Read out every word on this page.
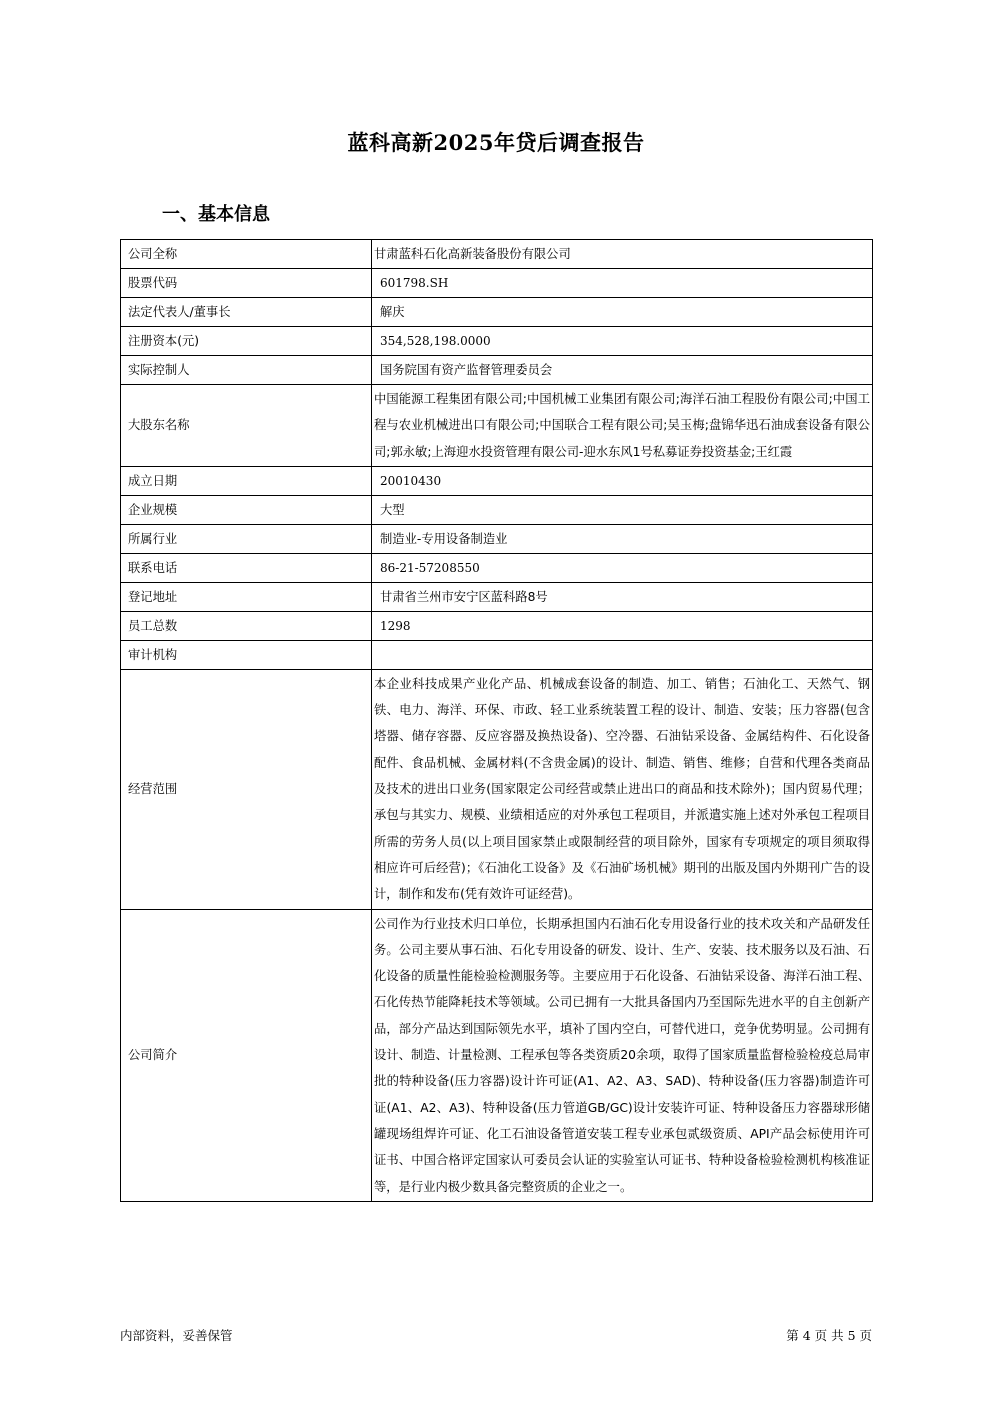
蓝科高新2025年贷后调查报告
一、基本信息
公司全称	甘肃蓝科石化高新装备股份有限公司
股票代码	601798.SH
法定代表人/董事长	解庆
注册资本(元)	354,528,198.0000
实际控制人	国务院国有资产监督管理委员会
大股东名称	中国能源工程集团有限公司;中国机械工业集团有限公司;海洋石油工程股份有限公司;中国工程与农业机械进出口有限公司;中国联合工程有限公司;吴玉梅;盘锦华迅石油成套设备有限公司;郭永敏;上海迎水投资管理有限公司-迎水东风1号私募证券投资基金;王红霞
成立日期	20010430
企业规模	大型
所属行业	制造业-专用设备制造业
联系电话	86-21-57208550
登记地址	甘肃省兰州市安宁区蓝科路8号
员工总数	1298
审计机构	
经营范围	本企业科技成果产业化产品、机械成套设备的制造、加工、销售；石油化工、天然气、钢铁、电力、海洋、环保、市政、轻工业系统装置工程的设计、制造、安装；压力容器(包含塔器、储存容器、反应容器及换热设备)、空冷器、石油钻采设备、金属结构件、石化设备配件、食品机械、金属材料(不含贵金属)的设计、制造、销售、维修；自营和代理各类商品及技术的进出口业务(国家限定公司经营或禁止进出口的商品和技术除外)；国内贸易代理；承包与其实力、规模、业绩相适应的对外承包工程项目，并派遣实施上述对外承包工程项目所需的劳务人员(以上项目国家禁止或限制经营的项目除外，国家有专项规定的项目须取得相应许可后经营)；《石油化工设备》及《石油矿场机械》期刊的出版及国内外期刊广告的设计，制作和发布(凭有效许可证经营)。
公司简介	公司作为行业技术归口单位，长期承担国内石油石化专用设备行业的技术攻关和产品研发任务。公司主要从事石油、石化专用设备的研发、设计、生产、安装、技术服务以及石油、石化设备的质量性能检验检测服务等。主要应用于石化设备、石油钻采设备、海洋石油工程、石化传热节能降耗技术等领域。公司已拥有一大批具备国内乃至国际先进水平的自主创新产品，部分产品达到国际领先水平，填补了国内空白，可替代进口，竞争优势明显。公司拥有设计、制造、计量检测、工程承包等各类资质20余项，取得了国家质量监督检验检疫总局审批的特种设备(压力容器)设计许可证(A1、A2、A3、SAD)、特种设备(压力容器)制造许可证(A1、A2、A3)、特种设备(压力管道GB/GC)设计安装许可证、特种设备压力容器球形储罐现场组焊许可证、化工石油设备管道安装工程专业承包贰级资质、API产品会标使用许可证书、中国合格评定国家认可委员会认证的实验室认可证书、特种设备检验检测机构核准证等，是行业内极少数具备完整资质的企业之一。
内部资料，妥善保管	第 4 页 共 5 页
